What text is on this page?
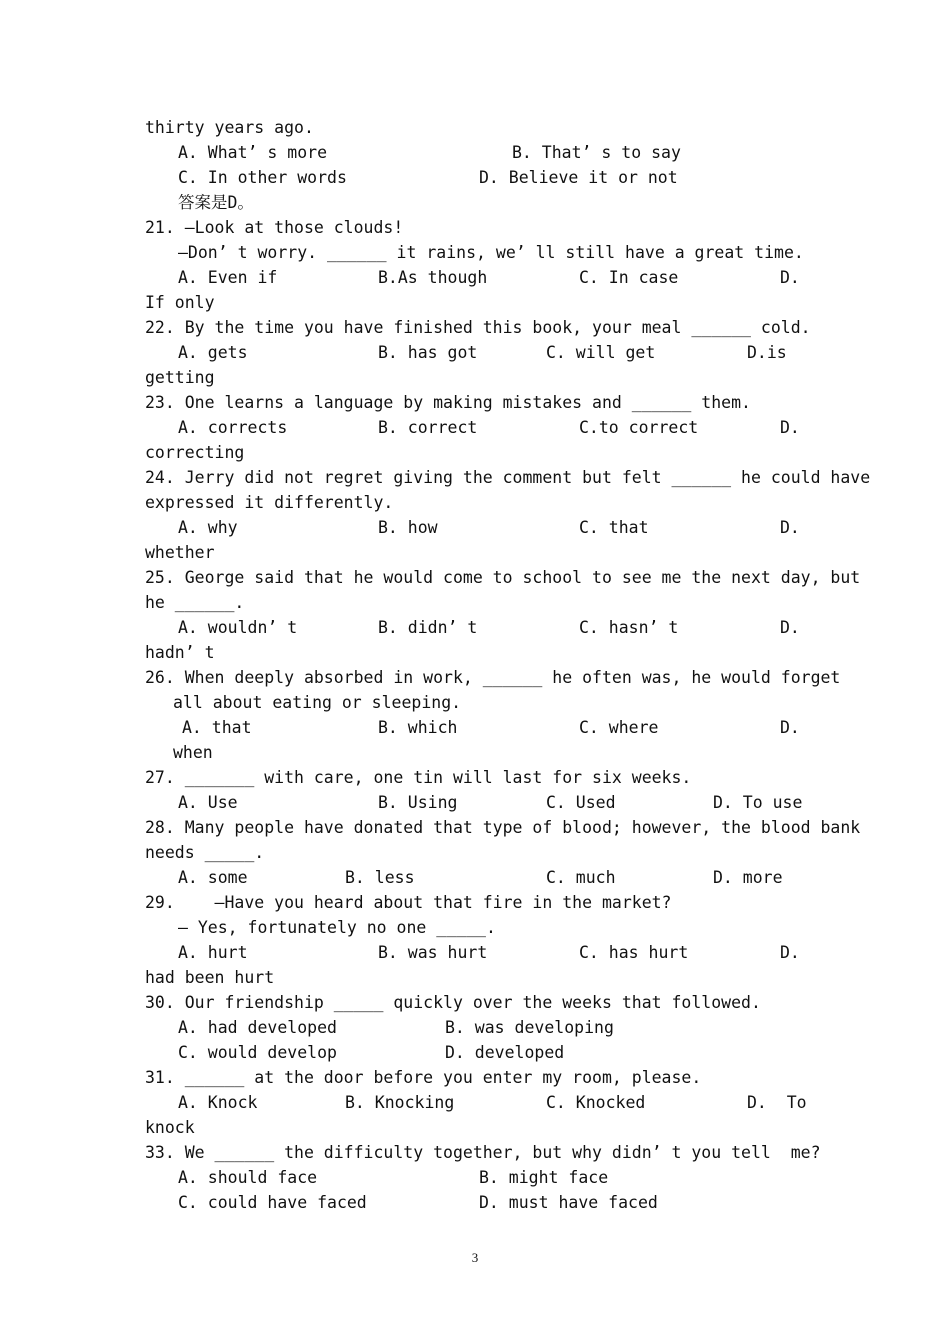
thirty years ago.
A. What’ s more	B. That’ s to say
C. In other words	D. Believe it or not
答案是D。
21. —Look at those clouds!
—Don’ t worry. ______ it rains, we’ ll still have a great time.
A. Even if	B.As though	C. In case	D.
If only
22. By the time you have finished this book, your meal ______ cold.
A. gets	B. has got	C. will get	D.is
getting
23. One learns a language by making mistakes and ______ them.
A. corrects	B. correct	C.to correct	D.
correcting
24. Jerry did not regret giving the comment but felt ______ he could have
expressed it differently.
A. why	B. how	C. that	D.
whether
25. George said that he would come to school to see me the next day, but
he ______.
A. wouldn’ t	B. didn’ t	C. hasn’ t	D.
hadn’ t
26. When deeply absorbed in work, ______ he often was, he would forget
all about eating or sleeping.
A. that	B. which	C. where	D.
when
27. _______ with care, one tin will last for six weeks.
A. Use	B. Using	C. Used	D. To use
28. Many people have donated that type of blood; however, the blood bank
needs _____.
A. some	B. less	C. much	D. more
29.    —Have you heard about that fire in the market?
— Yes, fortunately no one _____.
A. hurt	B. was hurt	C. has hurt	D.
had been hurt
30. Our friendship _____ quickly over the weeks that followed.
A. had developed	B. was developing
C. would develop	D. developed
31. ______ at the door before you enter my room, please.
A. Knock	B. Knocking	C. Knocked	D.  To
knock
33. We ______ the difficulty together, but why didn’ t you tell  me?
A. should face	B. might face
C. could have faced	D. must have faced
3
